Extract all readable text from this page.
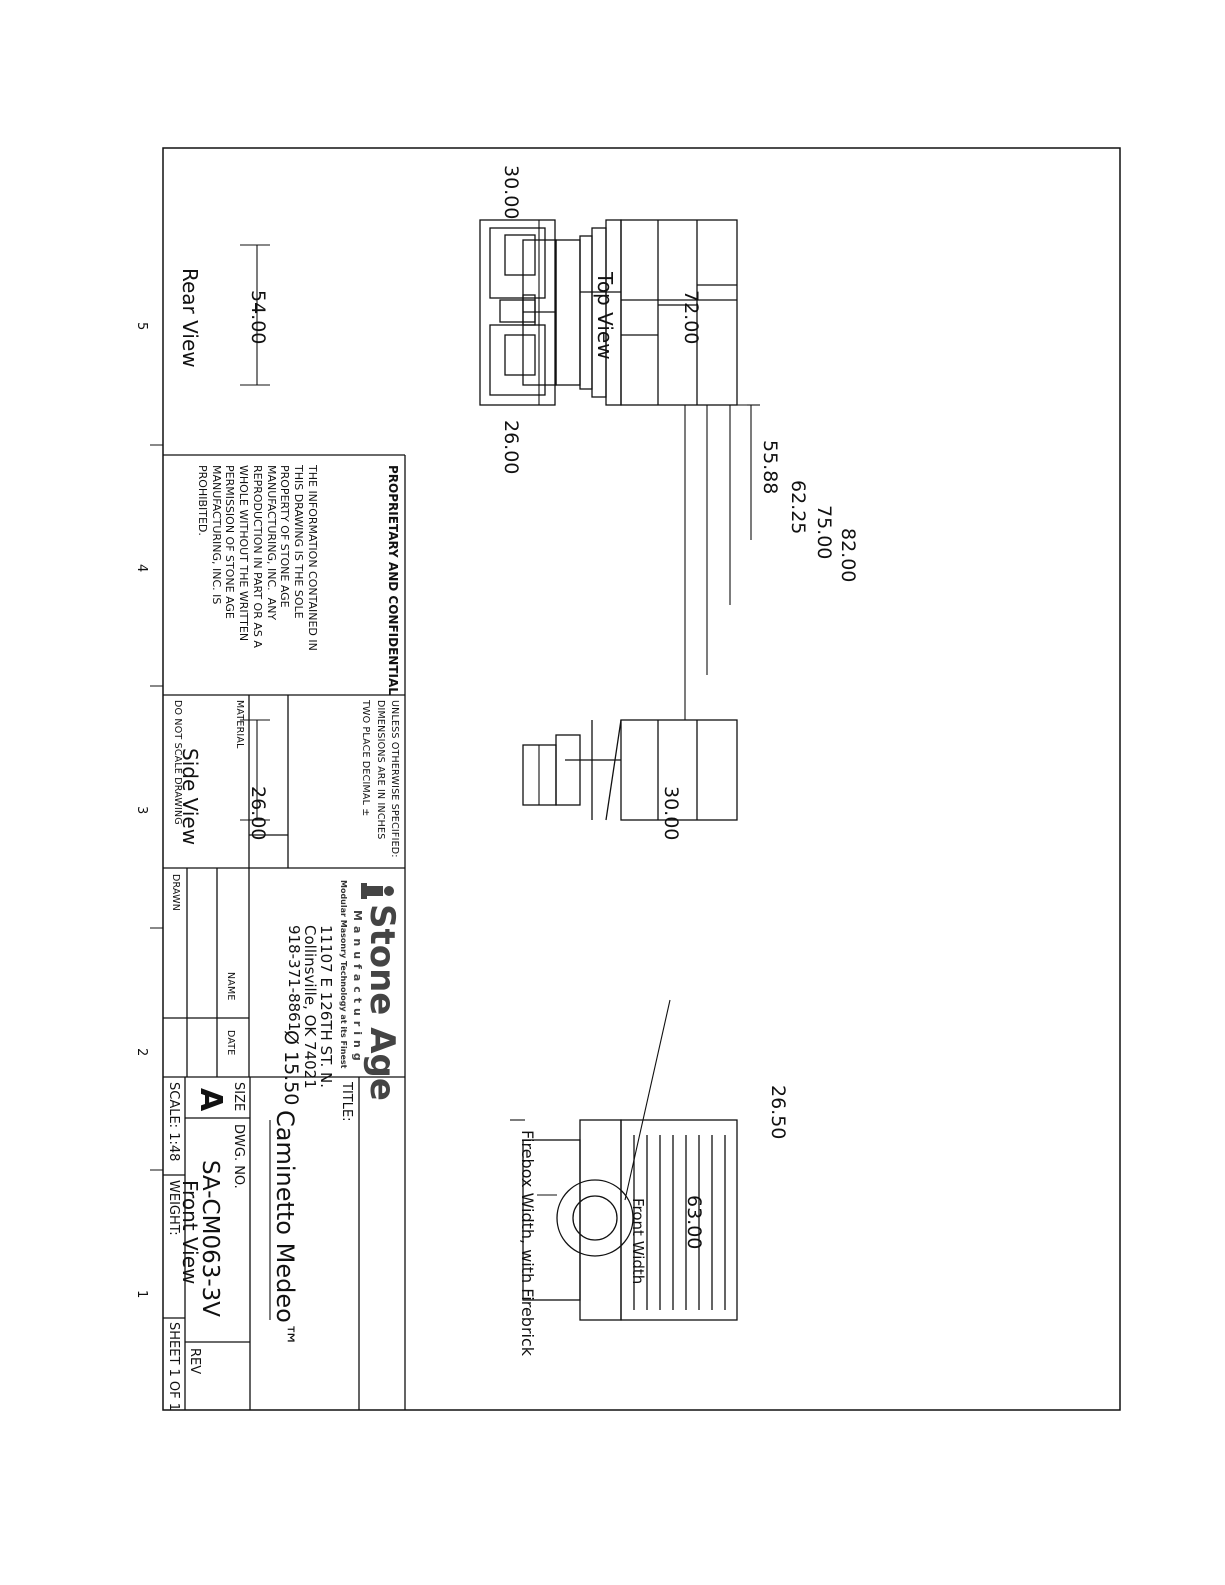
Rear View
Side View
Front View
Top View
54.00	72.00
55.88
62.25 75.00 82.00
26.00	30.00
30.00
26.00
Ø 15.50
26.50
63.00
Front Width
Firebox Width, with Firebrick
5
4
3
2
1
PROPRIETARY AND CONFIDENTIAL
THE INFORMATION CONTAINED IN
THIS DRAWING IS THE SOLE
PROPERTY OF STONE AGE
MANUFACTURING, INC.  ANY
REPRODUCTION IN PART OR AS A
WHOLE WITHOUT THE WRITTEN
PERMISSION OF STONE AGE
MANUFACTURING, INC. IS
PROHIBITED.
UNLESS OTHERWISE SPECIFIED:
DIMENSIONS ARE IN INCHES
TWO PLACE DECIMAL ±
MATERIAL
DO NOT SCALE DRAWING
Stone Age
Manufacturing
Modular Masonry Technology at its Finest
11107 E 126TH ST. N.
Collinsville, OK 74021
918-371-8861
NAME
DATE
DRAWN
TITLE:
Caminetto Medeo™
SIZE
A
DWG. NO.
SA-CM063-3V
REV
SCALE: 1:48
WEIGHT:
SHEET 1 OF 1
